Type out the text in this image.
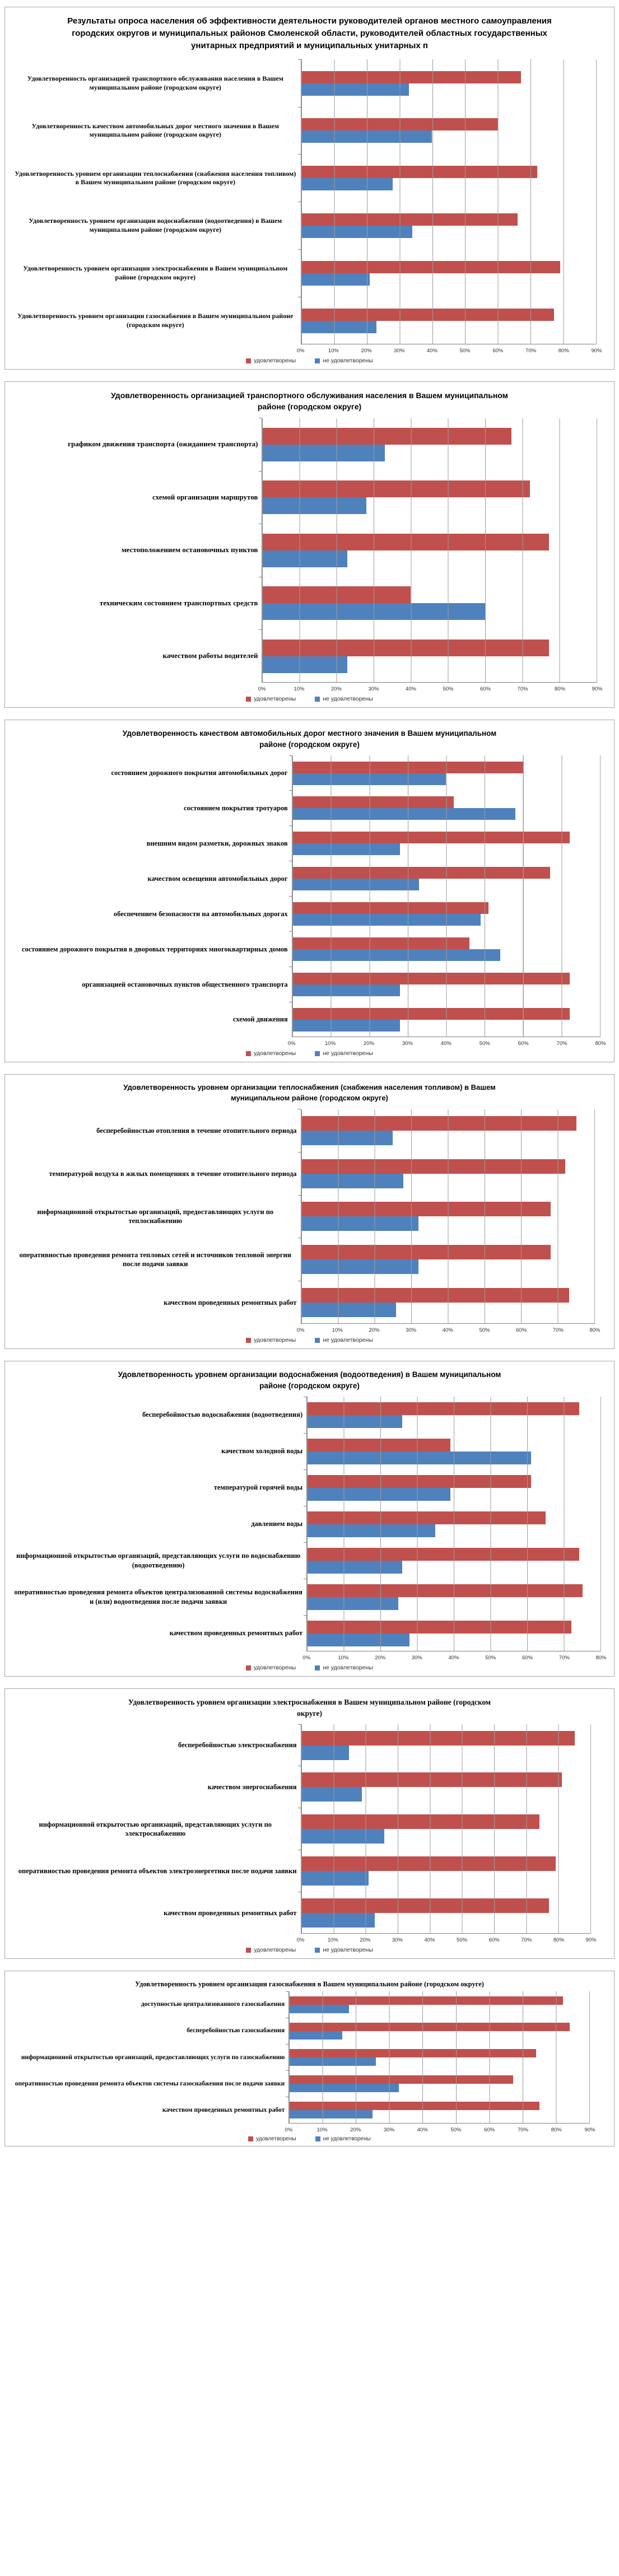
Результаты опроса населения об эффективности деятельности руководителей органов местного самоуправления городских округов и муниципальных районов Смоленской области, руководителей областных государственных унитарных предприятий и муниципальных унитарных п
Удовлетворенность организацией транспортного обслуживания населения в Вашем муниципальном районе (городском округе)
Удовлетворенность качеством автомобильных дорог местного значения в Вашем муниципальном районе (городском округе)
Удовлетворенность уровнем организации теплоснабжения (снабжения населения топливом) в Вашем муниципальном районе (городском округе)
Удовлетворенность уровнем организации водоснабжения (водоотведения) в Вашем муниципальном районе (городском округе)
Удовлетворенность уровнем организации электроснабжения в Вашем муниципальном районе (городском округе)
Удовлетворенность уровнем организации газоснабжения в Вашем муниципальном районе (городском округе)
0%	10%	20%	30%	40%	50%	60%	70%	80%	90%
удовлетворены	не удовлетворены
Удовлетворенность организацией транспортного обслуживания населения в Вашем муниципальном районе (городском округе)
графиком движения транспорта (ожиданием транспорта)
схемой организации маршрутов
местоположением остановочных пунктов
техническим состоянием транспортных средств
качеством работы водителей
0%	10%	20%	30%	40%	50%	60%	70%	80%	90%
удовлетворены	не удовлетворены
Удовлетворенность качеством автомобильных дорог местного значения в Вашем муниципальном районе (городском округе)
состоянием дорожного покрытия автомобильных дорог
состоянием покрытия тротуаров
внешним видом разметки, дорожных знаков
качеством освещения автомобильных дорог
обеспечением безопасности на автомобильных дорогах
состоянием дорожного покрытия в дворовых территориях многоквартирных домов
организацией остановочных пунктов общественного транспорта
схемой движения
0%	10%	20%	30%	40%	50%	60%	70%	80%
удовлетворены	не удовлетворены
Удовлетворенность уровнем организации теплоснабжения (снабжения населения топливом) в Вашем муниципальном районе (городском округе)
бесперебойностью отопления в течение отопительного периода
температурой воздуха в жилых помещениях в течение отопительного периода
информационной открытостью организаций, предоставляющих услуги по теплоснабжению
оперативностью проведения ремонта тепловых сетей и источников тепловой энергии после подачи заявки
качеством проведенных ремонтных работ
0%	10%	20%	30%	40%	50%	60%	70%	80%
удовлетворены	не удовлетворены
Удовлетворенность уровнем организации водоснабжения (водоотведения) в Вашем муниципальном районе (городском округе)
бесперебойностью водоснабжения (водоотведения)
качеством холодной воды
температурой горячей воды
давлением воды
информационной открытостью организаций, представляющих услуги по водоснабжению (водоотведению)
оперативностью проведения ремонта объектов централизованной системы водоснабжения и (или) водоотведения после подачи заявки
качеством проведенных ремонтных работ
0%	10%	20%	30%	40%	50%	60%	70%	80%
удовлетворены	не удовлетворены
Удовлетворенность уровнем организации электроснабжения в Вашем муниципальном районе (городском округе)
бесперебойностью электроснабжения
качеством энергоснабжения
информационной открытостью организаций, представляющих услуги по электроснабжению
оперативностью проведения ремонта объектов электроэнергетики после подачи заявки
качеством проведенных ремонтных работ
0%	10%	20%	30%	40%	50%	60%	70%	80%	90%
удовлетворены	не удовлетворены
Удовлетворенность уровнем организации газоснабжения в Вашем муниципальном районе (городском округе)
доступностью централизованного газоснабжения
бесперебойностью газоснабжения
информационной открытостью организаций, предоставляющих услуги по газоснабжению
оперативностью проведения ремонта объектов системы газоснабжения после подачи заявки
качеством проведенных ремонтных работ
0%	10%	20%	30%	40%	50%	60%	70%	80%	90%
удовлетворены	не удовлетворены
